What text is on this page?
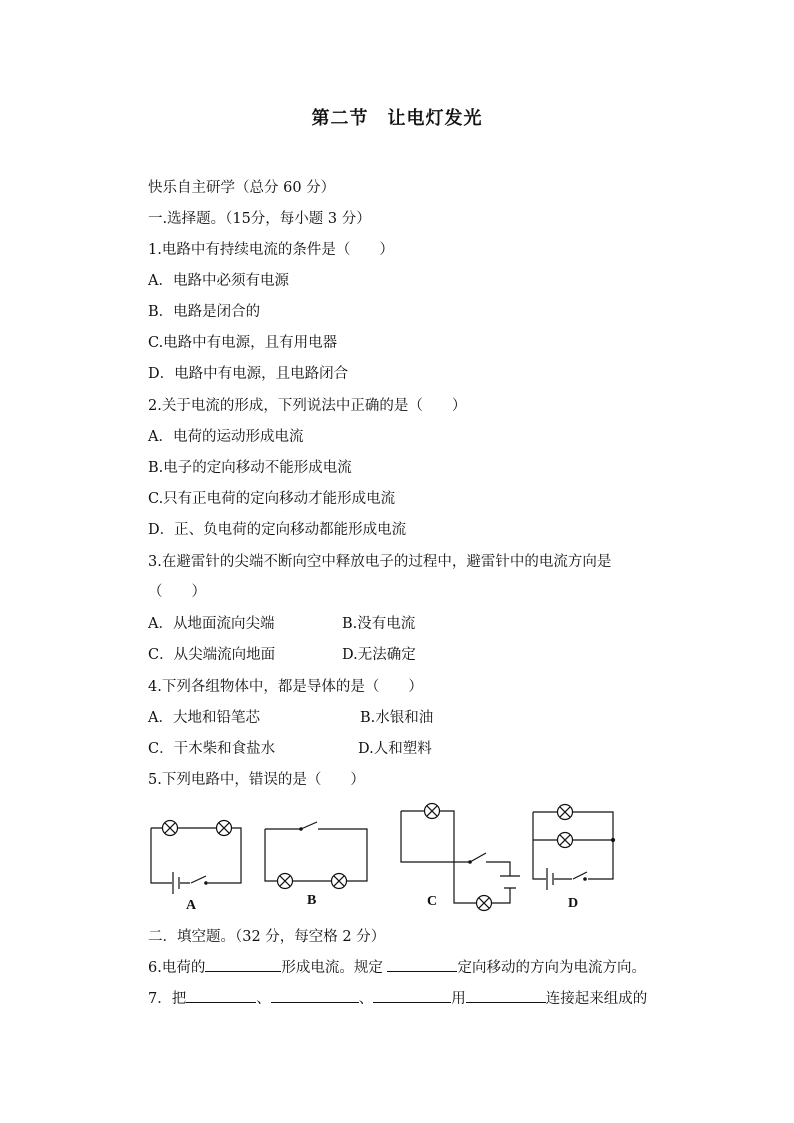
第二节　让电灯发光
快乐自主研学（总分 60 分）
一.选择题。（15分，每小题 3 分）
1.电路中有持续电流的条件是（　　）
A．电路中必须有电源
B．电路是闭合的
C.电路中有电源，且有用电器
D．电路中有电源，且电路闭合
2.关于电流的形成，下列说法中正确的是（　　）
A．电荷的运动形成电流
B.电子的定向移动不能形成电流
C.只有正电荷的定向移动才能形成电流
D．正、负电荷的定向移动都能形成电流
3.在避雷针的尖端不断向空中释放电子的过程中，避雷针中的电流方向是
（　　）
A．从地面流向尖端	B.没有电流
C．从尖端流向地面	D.无法确定
4.下列各组物体中，都是导体的是（　　）
A．大地和铅笔芯	B.水银和油
C．干木柴和食盐水	D.人和塑料
5.下列电路中，错误的是（　　）
A	B	C	D
二．填空题。（32 分，每空格 2 分）
6.电荷的	形成电流。规定	定向移动的方向为电流方向。
7．把	、	、	用	连接起来组成的
